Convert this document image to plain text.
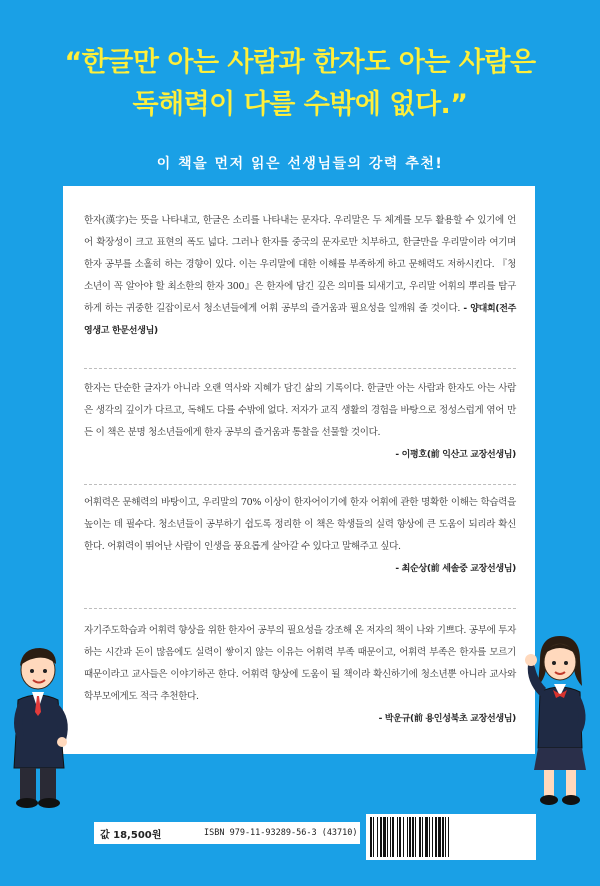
“한글만 아는 사람과 한자도 아는 사람은
독해력이 다를 수밖에 없다.”
이 책을 먼저 읽은 선생님들의 강력 추천!
한자(漢字)는 뜻을 나타내고, 한글은 소리를 나타내는 문자다. 우리말은 두 체계를 모두 활용할 수 있기에 언어 확장성이 크고 표현의 폭도 넓다. 그러나 한자를 중국의 문자로만 치부하고, 한글만을 우리말이라 여기며 한자 공부를 소홀히 하는 경향이 있다. 이는 우리말에 대한 이해를 부족하게 하고 문해력도 저하시킨다. 『청소년이 꼭 알아야 할 최소한의 한자 300』은 한자에 담긴 깊은 의미를 되새기고, 우리말 어휘의 뿌리를 탐구하게 하는 귀중한 길잡이로서 청소년들에게 어휘 공부의 즐거움과 필요성을 일깨워 줄 것이다. - 양대희(전주영생고 한문선생님)
한자는 단순한 글자가 아니라 오랜 역사와 지혜가 담긴 삶의 기록이다. 한글만 아는 사람과 한자도 아는 사람은 생각의 깊이가 다르고, 독해도 다를 수밖에 없다. 저자가 교직 생활의 경험을 바탕으로 정성스럽게 엮어 만든 이 책은 분명 청소년들에게 한자 공부의 즐거움과 통찰을 선물할 것이다.
- 이평호(前 익산고 교장선생님)
어휘력은 문해력의 바탕이고, 우리말의 70% 이상이 한자어이기에 한자 어휘에 관한 명확한 이해는 학습력을 높이는 데 필수다. 청소년들이 공부하기 쉽도록 정리한 이 책은 학생들의 실력 향상에 큰 도움이 되리라 확신한다. 어휘력이 뛰어난 사람이 인생을 풍요롭게 살아갈 수 있다고 말해주고 싶다.
- 최순상(前 세솔중 교장선생님)
자기주도학습과 어휘력 향상을 위한 한자어 공부의 필요성을 강조해 온 저자의 책이 나와 기쁘다. 공부에 투자하는 시간과 돈이 많음에도 실력이 쌓이지 않는 이유는 어휘력 부족 때문이고, 어휘력 부족은 한자를 모르기 때문이라고 교사들은 이야기하곤 한다. 어휘력 향상에 도움이 될 책이라 확신하기에 청소년뿐 아니라 교사와 학부모에게도 적극 추천한다.
- 박운규(前 용인성북초 교장선생님)
값 18,500원	ISBN 979-11-93289-56-3 (43710)
